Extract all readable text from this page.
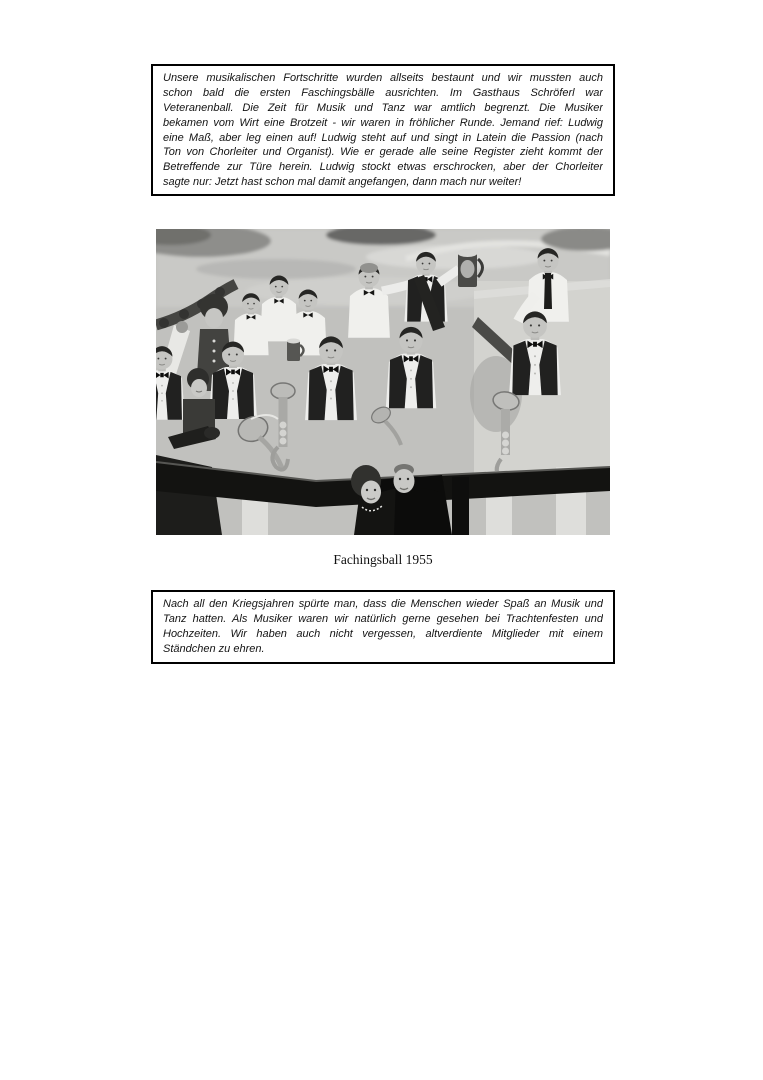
Unsere musikalischen Fortschritte wurden allseits bestaunt und wir mussten auch
schon bald die ersten Faschingsbälle ausrichten. Im Gasthaus Schröferl war
Veteranenball. Die Zeit für Musik und Tanz war amtlich begrenzt. Die Musiker
bekamen vom Wirt eine Brotzeit - wir waren in fröhlicher Runde. Jemand rief: Ludwig
eine Maß, aber leg einen auf! Ludwig steht auf und singt in Latein die Passion (nach
Ton von Chorleiter und Organist). Wie er gerade alle seine Register zieht kommt der
Betreffende zur Türe herein. Ludwig stockt etwas erschrocken, aber der Chorleiter
sagte nur: Jetzt hast schon mal damit angefangen, dann mach nur weiter!
Fachingsball 1955
Nach all den Kriegsjahren spürte man, dass die Menschen wieder Spaß an Musik und
Tanz hatten. Als Musiker waren wir natürlich gerne gesehen bei Trachtenfesten und
Hochzeiten. Wir haben auch nicht vergessen, altverdiente Mitglieder mit einem
Ständchen zu ehren.
